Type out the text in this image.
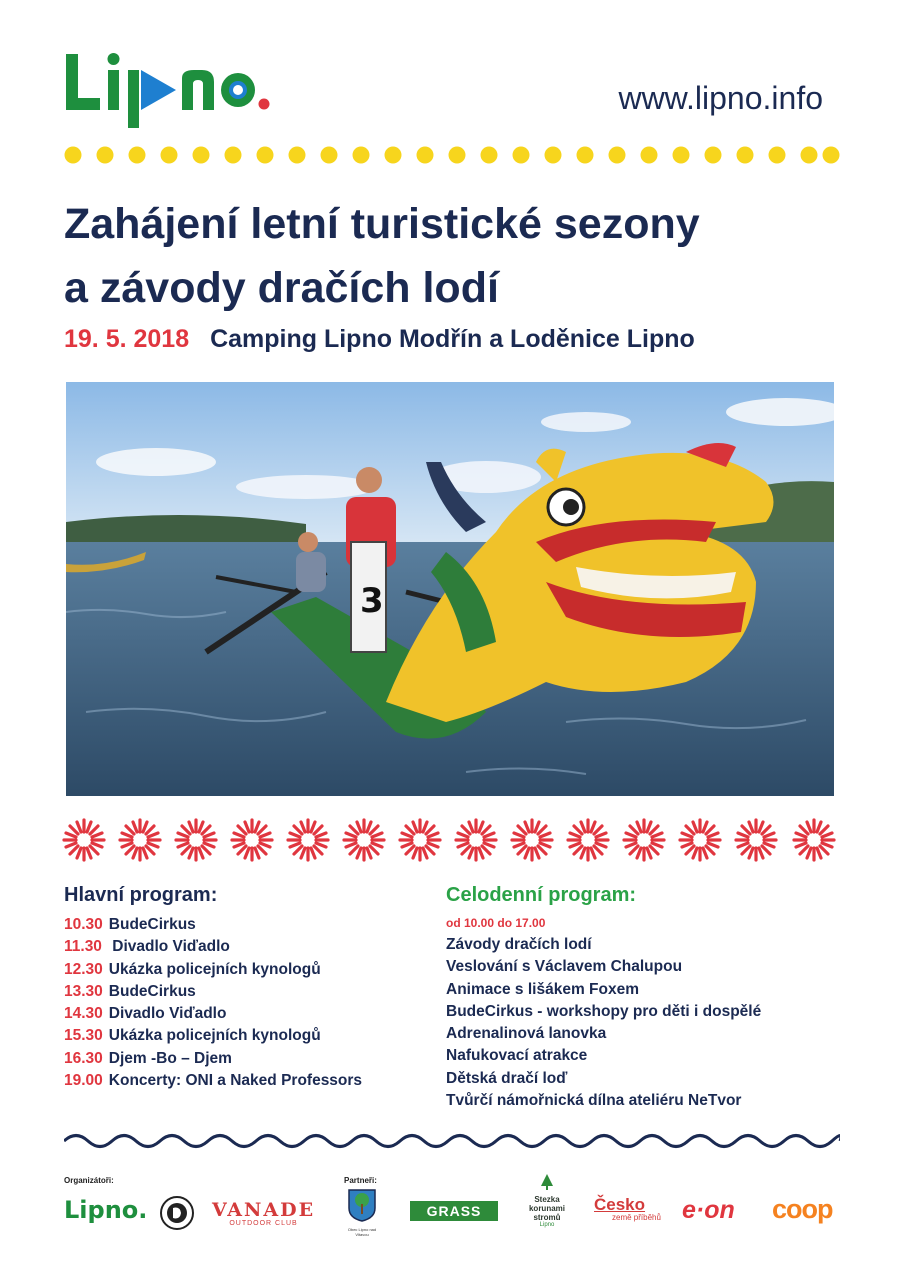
www.lipno.info
Zahájení letní turistické sezony
a závody dračích lodí
19. 5. 2018 Camping Lipno Modřín a Loděnice Lipno
3
Hlavní program:
10.30 BudeCirkus
11.30 Divadlo Viďadlo
12.30 Ukázka policejních kynologů
13.30 BudeCirkus
14.30 Divadlo Viďadlo
15.30 Ukázka policejních kynologů
16.30 Djem -Bo – Djem
19.00 Koncerty: ONI a Naked Professors
Celodenní program:
od 10.00 do 17.00
Závody dračích lodí
Veslování s Václavem Chalupou
Animace s lišákem Foxem
BudeCirkus - workshopy pro děti i dospělé
Adrenalinová lanovka
Nafukovací atrakce
Dětská dračí loď
Tvůrčí námořnická dílna ateliéru NeTvor
Organizátoři:	Partneři:
Lipno.	VANADE
OUTDOOR CLUB
Obec Lipno nad Vltavou
GRASS
Stezka korunami stromů
Lipno
Česko
země příběhů e·on coop
